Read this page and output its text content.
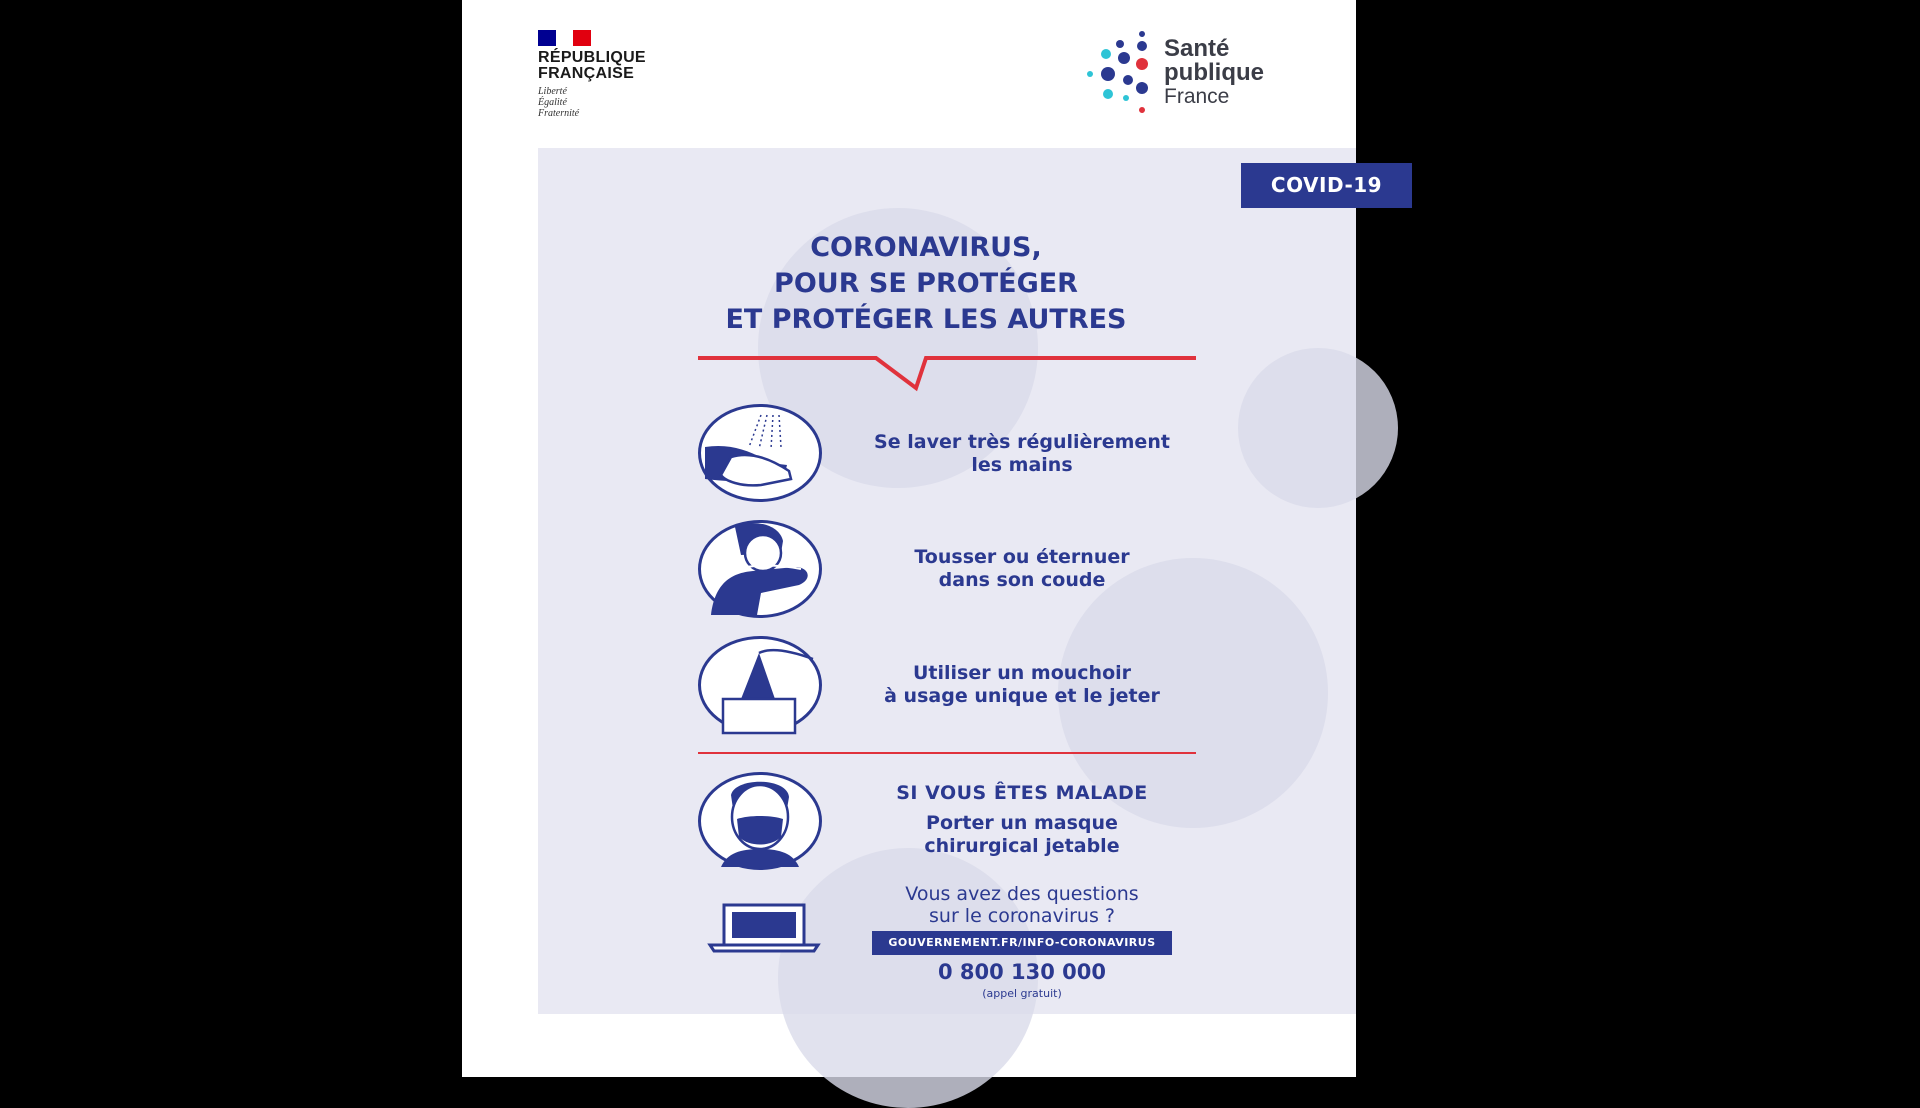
RÉPUBLIQUE
FRANÇAISE
Liberté
Égalité
Fraternité
Santé
publique
France
COVID-19
CORONAVIRUS,
POUR SE PROTÉGER
ET PROTÉGER LES AUTRES
Se laver très régulièrement
les mains
Tousser ou éternuer
dans son coude
Utiliser un mouchoir
à usage unique et le jeter
SI VOUS ÊTES MALADE
Porter un masque
chirurgical jetable
Vous avez des questions
sur le coronavirus ?
GOUVERNEMENT.FR/INFO-CORONAVIRUS
0 800 130 000
(appel gratuit)
